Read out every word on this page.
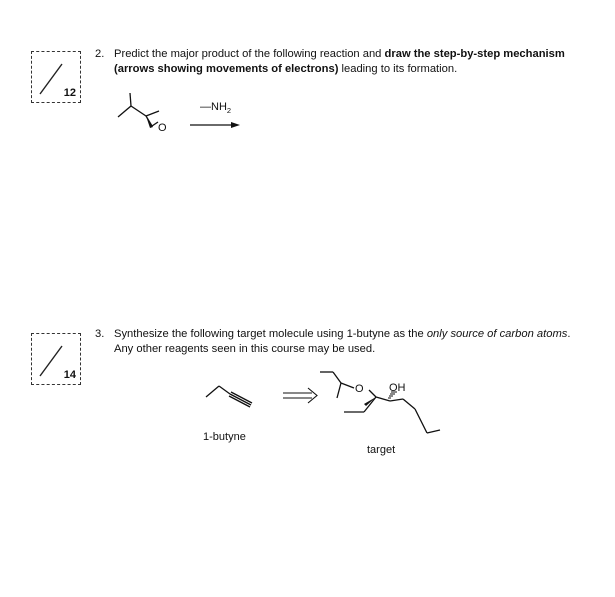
12
2. Predict the major product of the following reaction and draw the step-by-step mechanism (arrows showing movements of electrons) leading to its formation.
O
$—NH_2$
14
3. Synthesize the following target molecule using 1-butyne as the only source of carbon atoms. Any other reagents seen in this course may be used.
O OH
1-butyne
target
